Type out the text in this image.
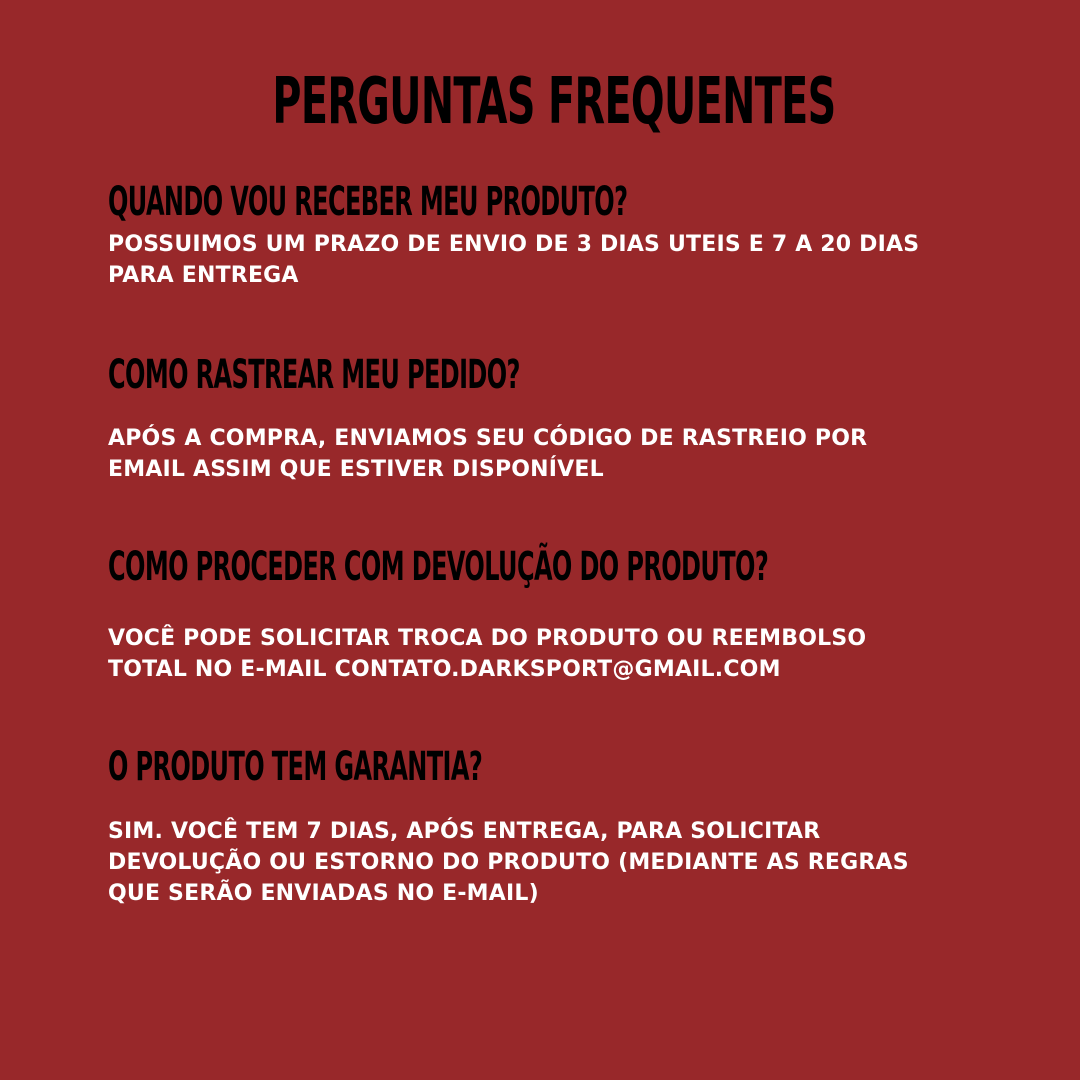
PERGUNTAS FREQUENTES
QUANDO VOU RECEBER MEU PRODUTO?

POSSUIMOS UM PRAZO DE ENVIO DE 3 DIAS UTEIS E 7 A 20 DIAS PARA ENTREGA

COMO RASTREAR MEU PEDIDO?

APÓS A COMPRA, ENVIAMOS SEU CÓDIGO DE RASTREIO POR EMAIL ASSIM QUE ESTIVER DISPONÍVEL

COMO PROCEDER COM DEVOLUÇÃO DO PRODUTO?

VOCÊ PODE SOLICITAR TROCA DO PRODUTO OU REEMBOLSO TOTAL NO E-MAIL CONTATO.DARKSPORT@GMAIL.COM

O PRODUTO TEM GARANTIA?

SIM. VOCÊ TEM 7 DIAS, APÓS ENTREGA, PARA SOLICITAR DEVOLUÇÃO OU ESTORNO DO PRODUTO (MEDIANTE AS REGRAS QUE SERÃO ENVIADAS NO E-MAIL)
